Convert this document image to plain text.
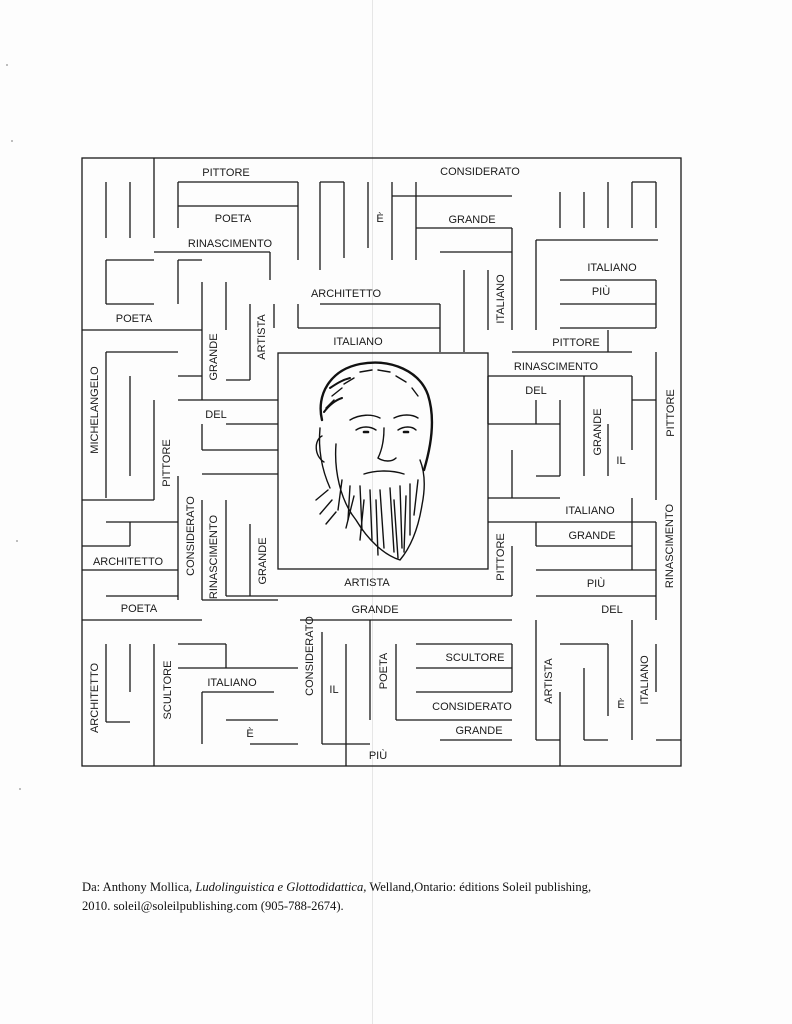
PITTORE	CONSIDERATO
POETA	È	GRANDE
RINASCIMENTO
ITALIANO
ARCHITETTO	PIÙ
POETA
ITALIANO	PITTORE
RINASCIMENTO
DEL
DEL
IL
ITALIANO
GRANDE
ARCHITETTO
ARTISTA	PIÙ
POETA	GRANDE	DEL
SCULTORE
ITALIANO
IL
È
CONSIDERATO
GRANDE
È
PIÙ
MICHELANGELO
PITTORE
GRANDE	ARTISTA
CONSIDERATO RINASCIMENTO	GRANDE
ITALIANO
GRANDE	PITTORE
PITTORE	RINASCIMENTO
ARCHITETTO	SCULTORE	CONSIDERATO	POETA	ARTISTA	ITALIANO
Da: Anthony Mollica, Ludolinguistica e Glottodidattica, Welland,Ontario: éditions Soleil publishing,
2010. soleil@soleilpublishing.com (905-788-2674).
